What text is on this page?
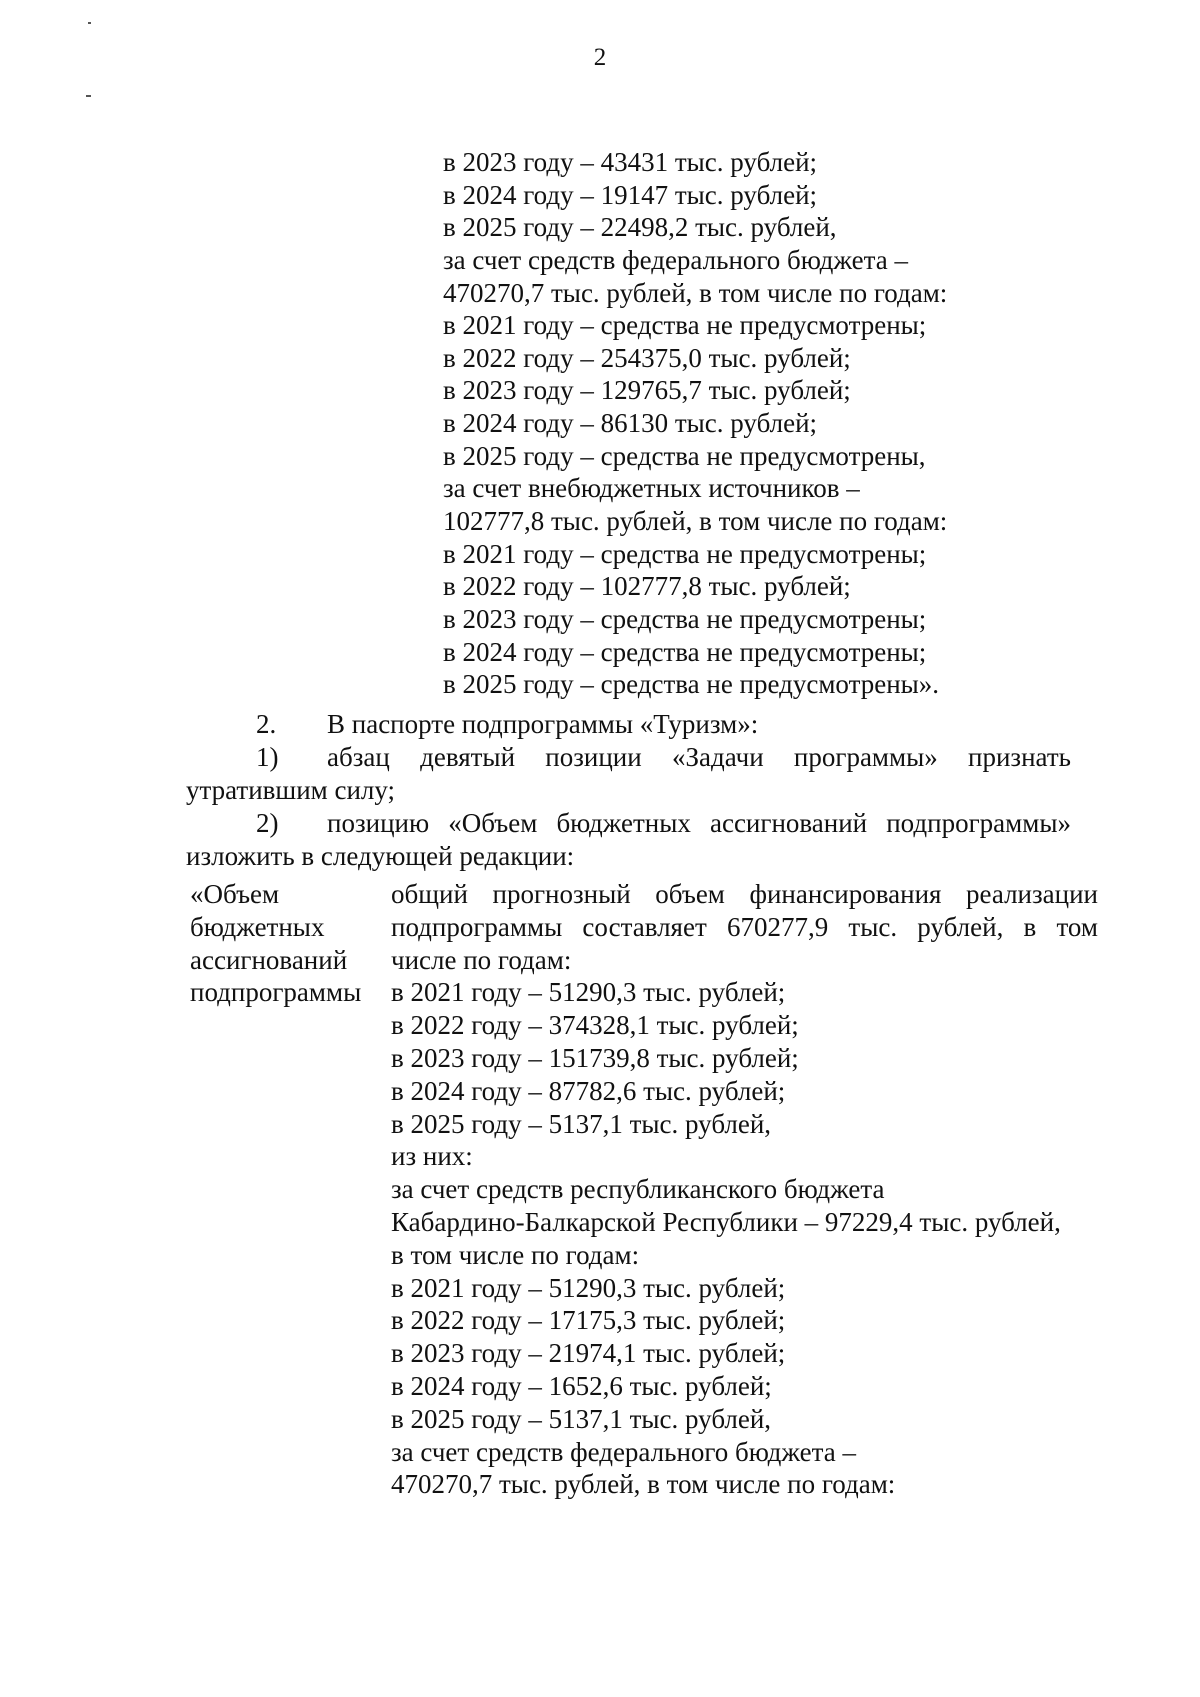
2
в 2023 году – 43431 тыс. рублей;
в 2024 году – 19147 тыс. рублей;
в 2025 году – 22498,2 тыс. рублей,
за счет средств федерального бюджета –
470270,7 тыс. рублей, в том числе по годам:
в 2021 году – средства не предусмотрены;
в 2022 году – 254375,0 тыс. рублей;
в 2023 году – 129765,7 тыс. рублей;
в 2024 году – 86130 тыс. рублей;
в 2025 году – средства не предусмотрены,
за счет внебюджетных источников –
102777,8 тыс. рублей, в том числе по годам:
в 2021 году – средства не предусмотрены;
в 2022 году – 102777,8 тыс. рублей;
в 2023 году – средства не предусмотрены;
в 2024 году – средства не предусмотрены;
в 2025 году – средства не предусмотрены».
2. В паспорте подпрограммы «Туризм»:
1) абзац девятый позиции «Задачи программы» признать
утратившим силу;
2) позицию «Объем бюджетных ассигнований подпрограммы»
изложить в следующей редакции:
«Объем
бюджетных
ассигнований
подпрограммы
общий прогнозный объем финансирования реализации
подпрограммы составляет 670277,9 тыс. рублей, в том
числе по годам:
в 2021 году – 51290,3 тыс. рублей;
в 2022 году – 374328,1 тыс. рублей;
в 2023 году – 151739,8 тыс. рублей;
в 2024 году – 87782,6 тыс. рублей;
в 2025 году – 5137,1 тыс. рублей,
из них:
за счет средств республиканского бюджета
Кабардино-Балкарской Республики – 97229,4 тыс. рублей,
в том числе по годам:
в 2021 году – 51290,3 тыс. рублей;
в 2022 году – 17175,3 тыс. рублей;
в 2023 году – 21974,1 тыс. рублей;
в 2024 году – 1652,6 тыс. рублей;
в 2025 году – 5137,1 тыс. рублей,
за счет средств федерального бюджета –
470270,7 тыс. рублей, в том числе по годам:
